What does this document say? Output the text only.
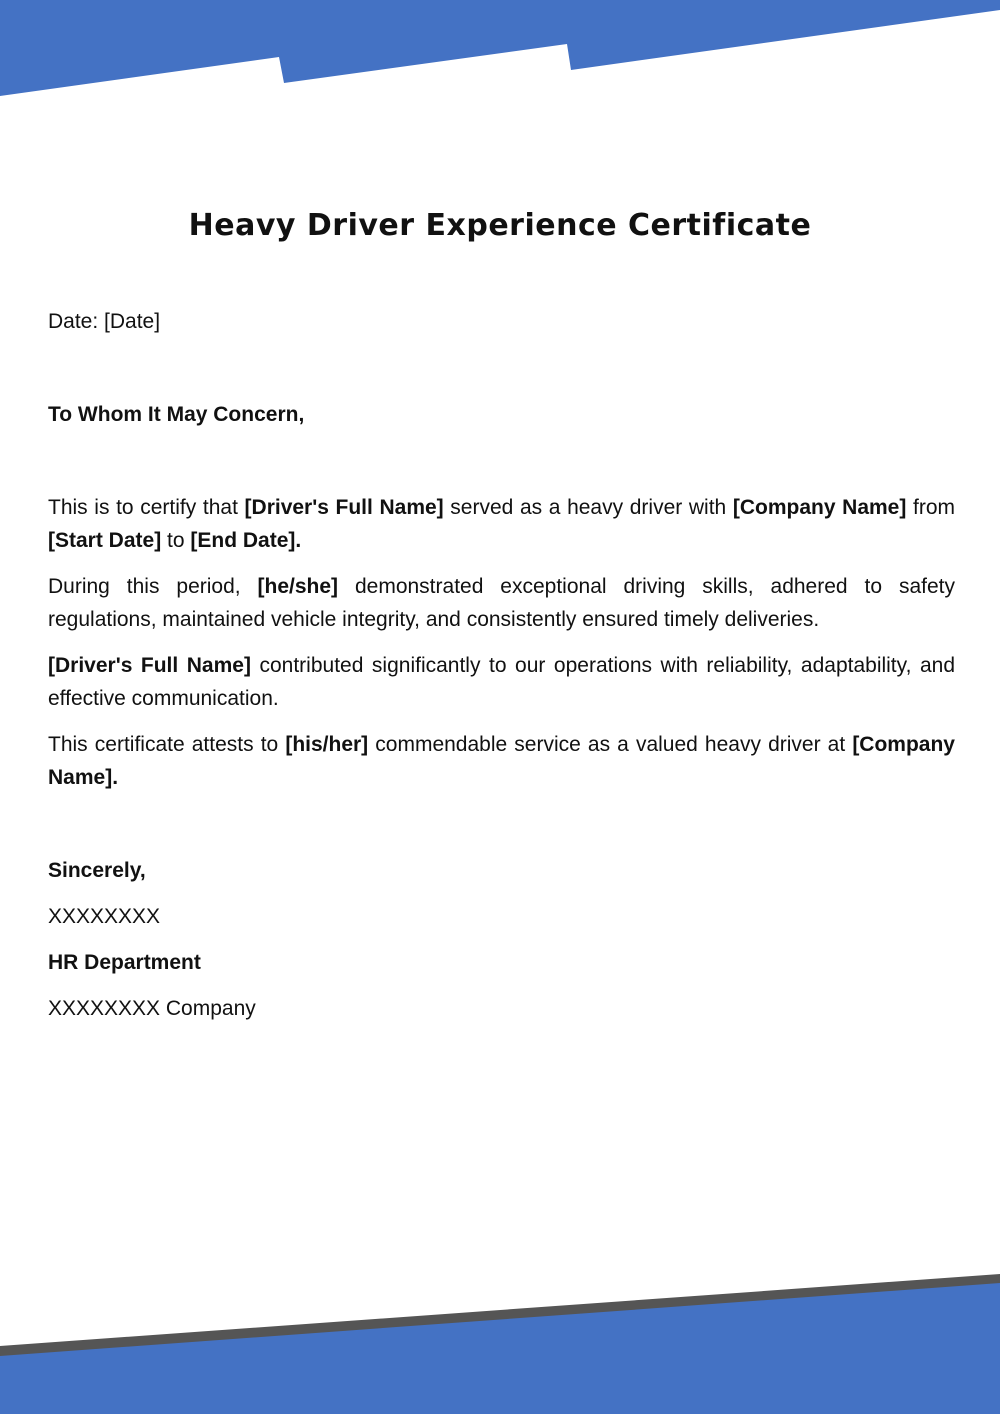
Heavy Driver Experience Certificate

Date: [Date]

To Whom It May Concern,

This is to certify that [Driver's Full Name] served as a heavy driver with [Company Name] from [Start Date] to [End Date].

During this period, [he/she] demonstrated exceptional driving skills, adhered to safety regulations, maintained vehicle integrity, and consistently ensured timely deliveries.

[Driver's Full Name] contributed significantly to our operations with reliability, adaptability, and effective communication.

This certificate attests to [his/her] commendable service as a valued heavy driver at [Company Name].

Sincerely,

XXXXXXXX

HR Department

XXXXXXXX Company
